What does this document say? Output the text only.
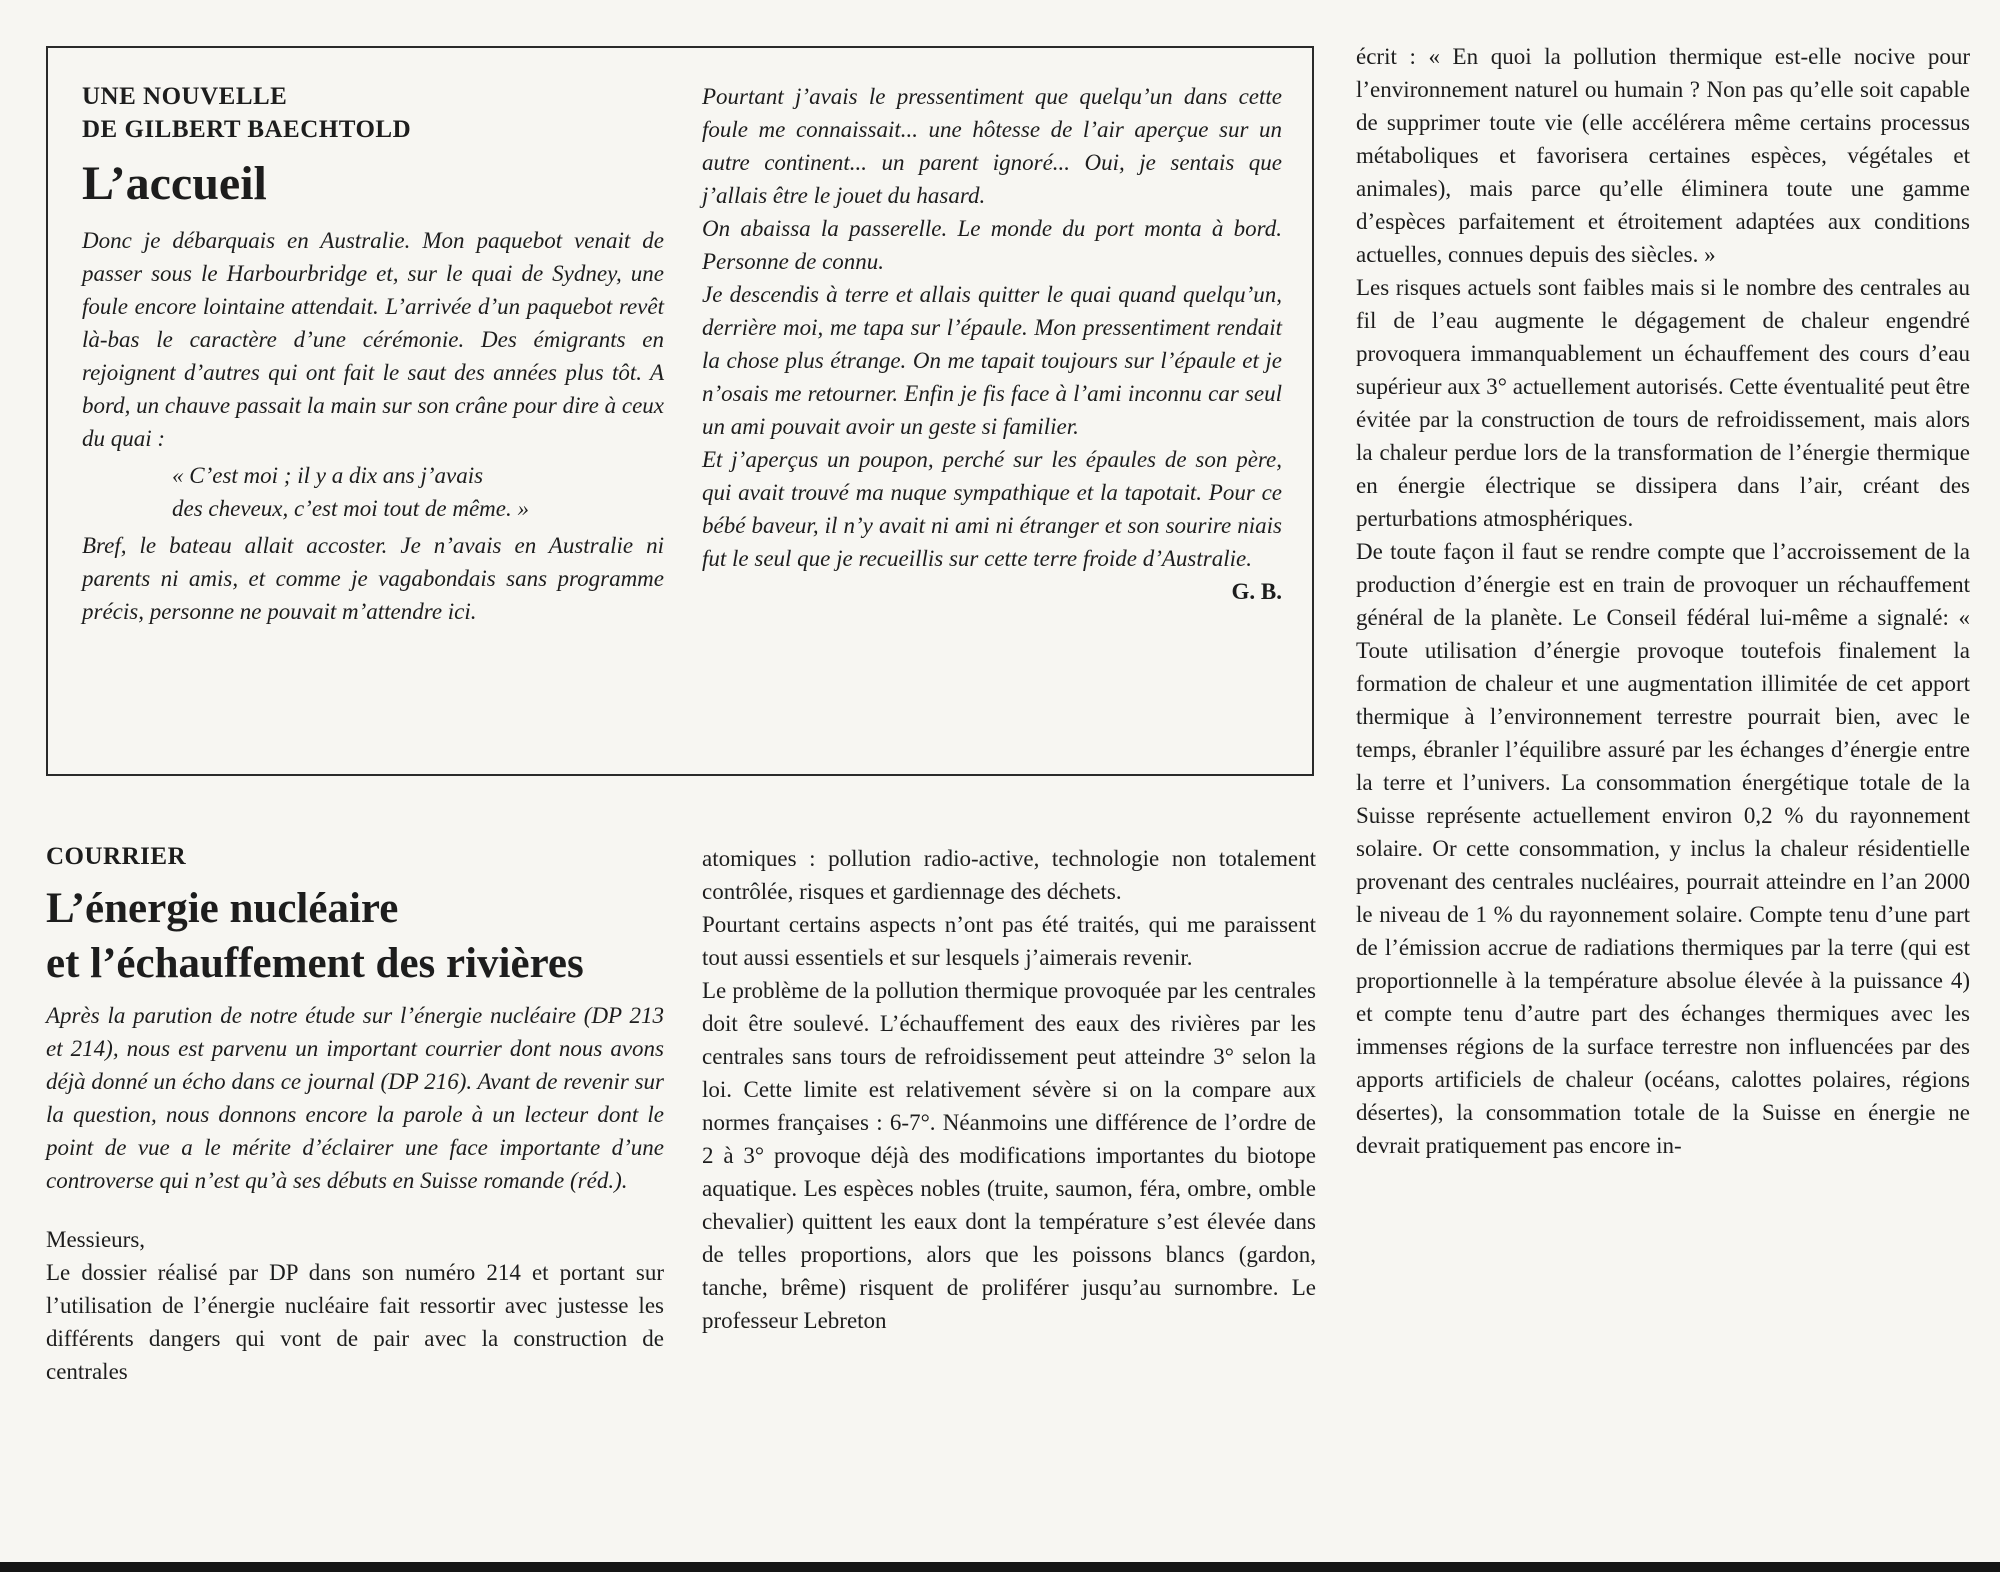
UNE NOUVELLE
DE GILBERT BAECHTOLD
L’accueil

Donc je débarquais en Australie. Mon paquebot venait de passer sous le Harbourbridge et, sur le quai de Sydney, une foule encore lointaine attendait. L’arrivée d’un paquebot revêt là-bas le caractère d’une cérémonie. Des émigrants en rejoignent d’autres qui ont fait le saut des années plus tôt. A bord, un chauve passait la main sur son crâne pour dire à ceux du quai :

« C’est moi ; il y a dix ans j’avais
des cheveux, c’est moi tout de même. »

Bref, le bateau allait accoster. Je n’avais en Australie ni parents ni amis, et comme je vagabondais sans programme précis, personne ne pouvait m’attendre ici.

Pourtant j’avais le pressentiment que quelqu’un dans cette foule me connaissait... une hôtesse de l’air aperçue sur un autre continent... un parent ignoré... Oui, je sentais que j’allais être le jouet du hasard.

On abaissa la passerelle. Le monde du port monta à bord. Personne de connu.

Je descendis à terre et allais quitter le quai quand quelqu’un, derrière moi, me tapa sur l’épaule. Mon pressentiment rendait la chose plus étrange. On me tapait toujours sur l’épaule et je n’osais me retourner. Enfin je fis face à l’ami inconnu car seul un ami pouvait avoir un geste si familier.

Et j’aperçus un poupon, perché sur les épaules de son père, qui avait trouvé ma nuque sympathique et la tapotait. Pour ce bébé baveur, il n’y avait ni ami ni étranger et son sourire niais fut le seul que je recueillis sur cette terre froide d’Australie.
G. B.

COURRIER
L’énergie nucléaire
et l’échauffement des rivières

Après la parution de notre étude sur l’énergie nucléaire (DP 213 et 214), nous est parvenu un important courrier dont nous avons déjà donné un écho dans ce journal (DP 216). Avant de revenir sur la question, nous donnons encore la parole à un lecteur dont le point de vue a le mérite d’éclairer une face importante d’une controverse qui n’est qu’à ses débuts en Suisse romande (réd.).

Messieurs,

Le dossier réalisé par DP dans son numéro 214 et portant sur l’utilisation de l’énergie nucléaire fait ressortir avec justesse les différents dangers qui vont de pair avec la construction de centrales

atomiques : pollution radio-active, technologie non totalement contrôlée, risques et gardiennage des déchets.

Pourtant certains aspects n’ont pas été traités, qui me paraissent tout aussi essentiels et sur lesquels j’aimerais revenir.

Le problème de la pollution thermique provoquée par les centrales doit être soulevé. L’échauffement des eaux des rivières par les centrales sans tours de refroidissement peut atteindre 3° selon la loi. Cette limite est relativement sévère si on la compare aux normes françaises : 6-7°. Néanmoins une différence de l’ordre de 2 à 3° provoque déjà des modifications importantes du biotope aquatique. Les espèces nobles (truite, saumon, féra, ombre, omble chevalier) quittent les eaux dont la température s’est élevée dans de telles proportions, alors que les poissons blancs (gardon, tanche, brême) risquent de proliférer jusqu’au surnombre. Le professeur Lebreton

écrit : « En quoi la pollution thermique est-elle nocive pour l’environnement naturel ou humain ? Non pas qu’elle soit capable de supprimer toute vie (elle accélérera même certains processus métaboliques et favorisera certaines espèces, végétales et animales), mais parce qu’elle éliminera toute une gamme d’espèces parfaitement et étroitement adaptées aux conditions actuelles, connues depuis des siècles. »

Les risques actuels sont faibles mais si le nombre des centrales au fil de l’eau augmente le dégagement de chaleur engendré provoquera immanquablement un échauffement des cours d’eau supérieur aux 3° actuellement autorisés. Cette éventualité peut être évitée par la construction de tours de refroidissement, mais alors la chaleur perdue lors de la transformation de l’énergie thermique en énergie électrique se dissipera dans l’air, créant des perturbations atmosphériques.

De toute façon il faut se rendre compte que l’accroissement de la production d’énergie est en train de provoquer un réchauffement général de la planète. Le Conseil fédéral lui-même a signalé: « Toute utilisation d’énergie provoque toutefois finalement la formation de chaleur et une augmentation illimitée de cet apport thermique à l’environnement terrestre pourrait bien, avec le temps, ébranler l’équilibre assuré par les échanges d’énergie entre la terre et l’univers. La consommation énergétique totale de la Suisse représente actuellement environ 0,2 % du rayonnement solaire. Or cette consommation, y inclus la chaleur résidentielle provenant des centrales nucléaires, pourrait atteindre en l’an 2000 le niveau de 1 % du rayonnement solaire. Compte tenu d’une part de l’émission accrue de radiations thermiques par la terre (qui est proportionnelle à la température absolue élevée à la puissance 4) et compte tenu d’autre part des échanges thermiques avec les immenses régions de la surface terrestre non influencées par des apports artificiels de chaleur (océans, calottes polaires, régions désertes), la consommation totale de la Suisse en énergie ne devrait pratiquement pas encore in-
